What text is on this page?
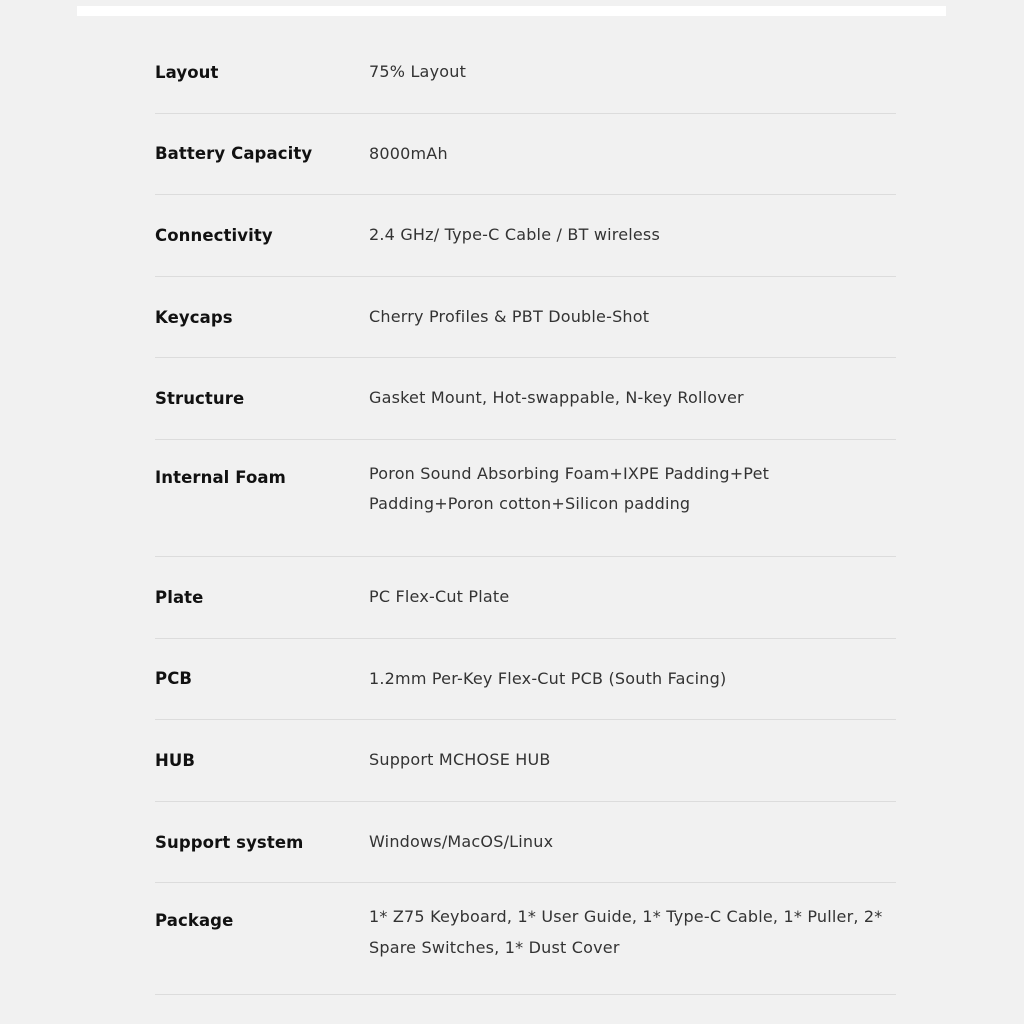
Layout	75% Layout
Battery Capacity	8000mAh
Connectivity	2.4 GHz/ Type-C Cable / BT wireless
Keycaps	Cherry Profiles & PBT Double-Shot
Structure	Gasket Mount, Hot-swappable, N-key Rollover
Internal Foam	Poron Sound Absorbing Foam+IXPE Padding+Pet
Padding+Poron cotton+Silicon padding
Plate	PC Flex-Cut Plate
PCB	1.2mm Per-Key Flex-Cut PCB (South Facing)
HUB	Support MCHOSE HUB
Support system	Windows/MacOS/Linux
Package	1* Z75 Keyboard, 1* User Guide, 1* Type-C Cable, 1* Puller, 2*
Spare Switches, 1* Dust Cover
